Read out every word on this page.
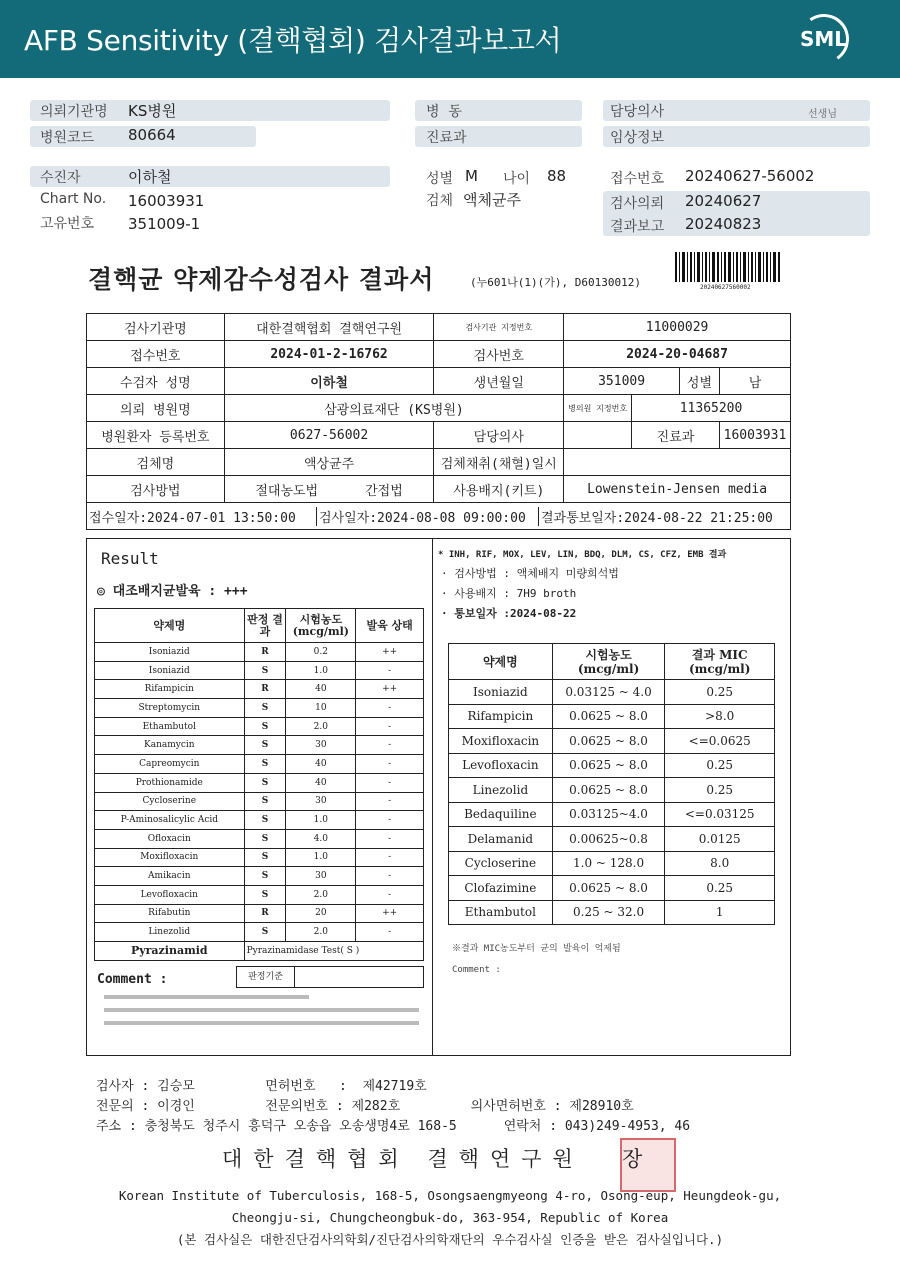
AFB Sensitivity (결핵협회) 검사결과보고서	SML
의뢰기관명 KS병원
병원코드 80664
병  동
진료과
담당의사	선생님
임상정보
수진자	이하철
Chart No. 16003931
고유번호 351009-1
성별 M 나이 88
검체 액체균주
접수번호 20240627-56002
검사의뢰 20240627
결과보고 20240823
결핵균 약제감수성검사 결과서	(누601나(1)(가), D60130012)	20240627560002
검사기관명	대한결핵협회 결핵연구원	검사기관 지정번호	11000029			
접수번호	2024-01-2-16762	검사번호	2024-20-04687			
수검자 성명	이하철	생년월일	351009		성별	남
의뢰 병원명	삼광의료재단 (KS병원)		병의원 지정번호	11365200		
병원환자 등록번호	0627-56002	담당의사		진료과		16003931
검체명	액상균주	검체채취(채혈)일시				
검사방법	절대농도법 간접법	사용배지(키트)	Lowenstein-Jensen media			
접수일자:2024-07-01 13:50:00 검사일자:2024-08-08 09:00:00 결과통보일자:2024-08-22 21:25:00						
Result
◎ 대조배지균발육 : +++
약제명	판정 결과	시험농도 (mcg/ml)	발육 상태
Isoniazid	R	0.2	++
Isoniazid	S	1.0	-
Rifampicin	R	40	++
Streptomycin	S	10	-
Ethambutol	S	2.0	-
Kanamycin	S	30	-
Capreomycin	S	40	-
Prothionamide	S	40	-
Cycloserine	S	30	-
P-Aminosalicylic Acid	S	1.0	-
Ofloxacin	S	4.0	-
Moxifloxacin	S	1.0	-
Amikacin	S	30	-
Levofloxacin	S	2.0	-
Rifabutin	R	20	++
Linezolid	S	2.0	-
Pyrazinamid	Pyrazinamidase Test( S )		
Comment :	판정기준
* INH, RIF, MOX, LEV, LIN, BDQ, DLM, CS, CFZ, EMB 결과
· 검사방법 : 액체배지 미량희석법
· 사용배지 : 7H9 broth
· 통보일자 :2024-08-22
약제명	시험농도 (mcg/ml)	결과 MIC (mcg/ml)
Isoniazid	0.03125 ~ 4.0	0.25
Rifampicin	0.0625 ~ 8.0	>8.0
Moxifloxacin	0.0625 ~ 8.0	<=0.0625
Levofloxacin	0.0625 ~ 8.0	0.25
Linezolid	0.0625 ~ 8.0	0.25
Bedaquiline	0.03125~4.0	<=0.03125
Delamanid	0.00625~0.8	0.0125
Cycloserine	1.0 ~ 128.0	8.0
Clofazimine	0.0625 ~ 8.0	0.25
Ethambutol	0.25 ~ 32.0	1
※결과 MIC농도부터 균의 발육이 억제됨
Comment :
검사자 : 김승모         면허번호   :  제42719호
전문의 : 이경인         전문의번호 : 제282호         의사면허번호 : 제28910호
주소 : 충청북도 청주시 흥덕구 오송읍 오송생명4로 168-5      연락처 : 043)249-4953, 46
대한결핵협회 결핵연구원 장
Korean Institute of Tuberculosis, 168-5, Osongsaengmyeong 4-ro, Osong-eup, Heungdeok-gu,
Cheongju-si, Chungcheongbuk-do, 363-954, Republic of Korea
(본 검사실은 대한진단검사의학회/진단검사의학재단의 우수검사실 인증을 받은 검사실입니다.)
